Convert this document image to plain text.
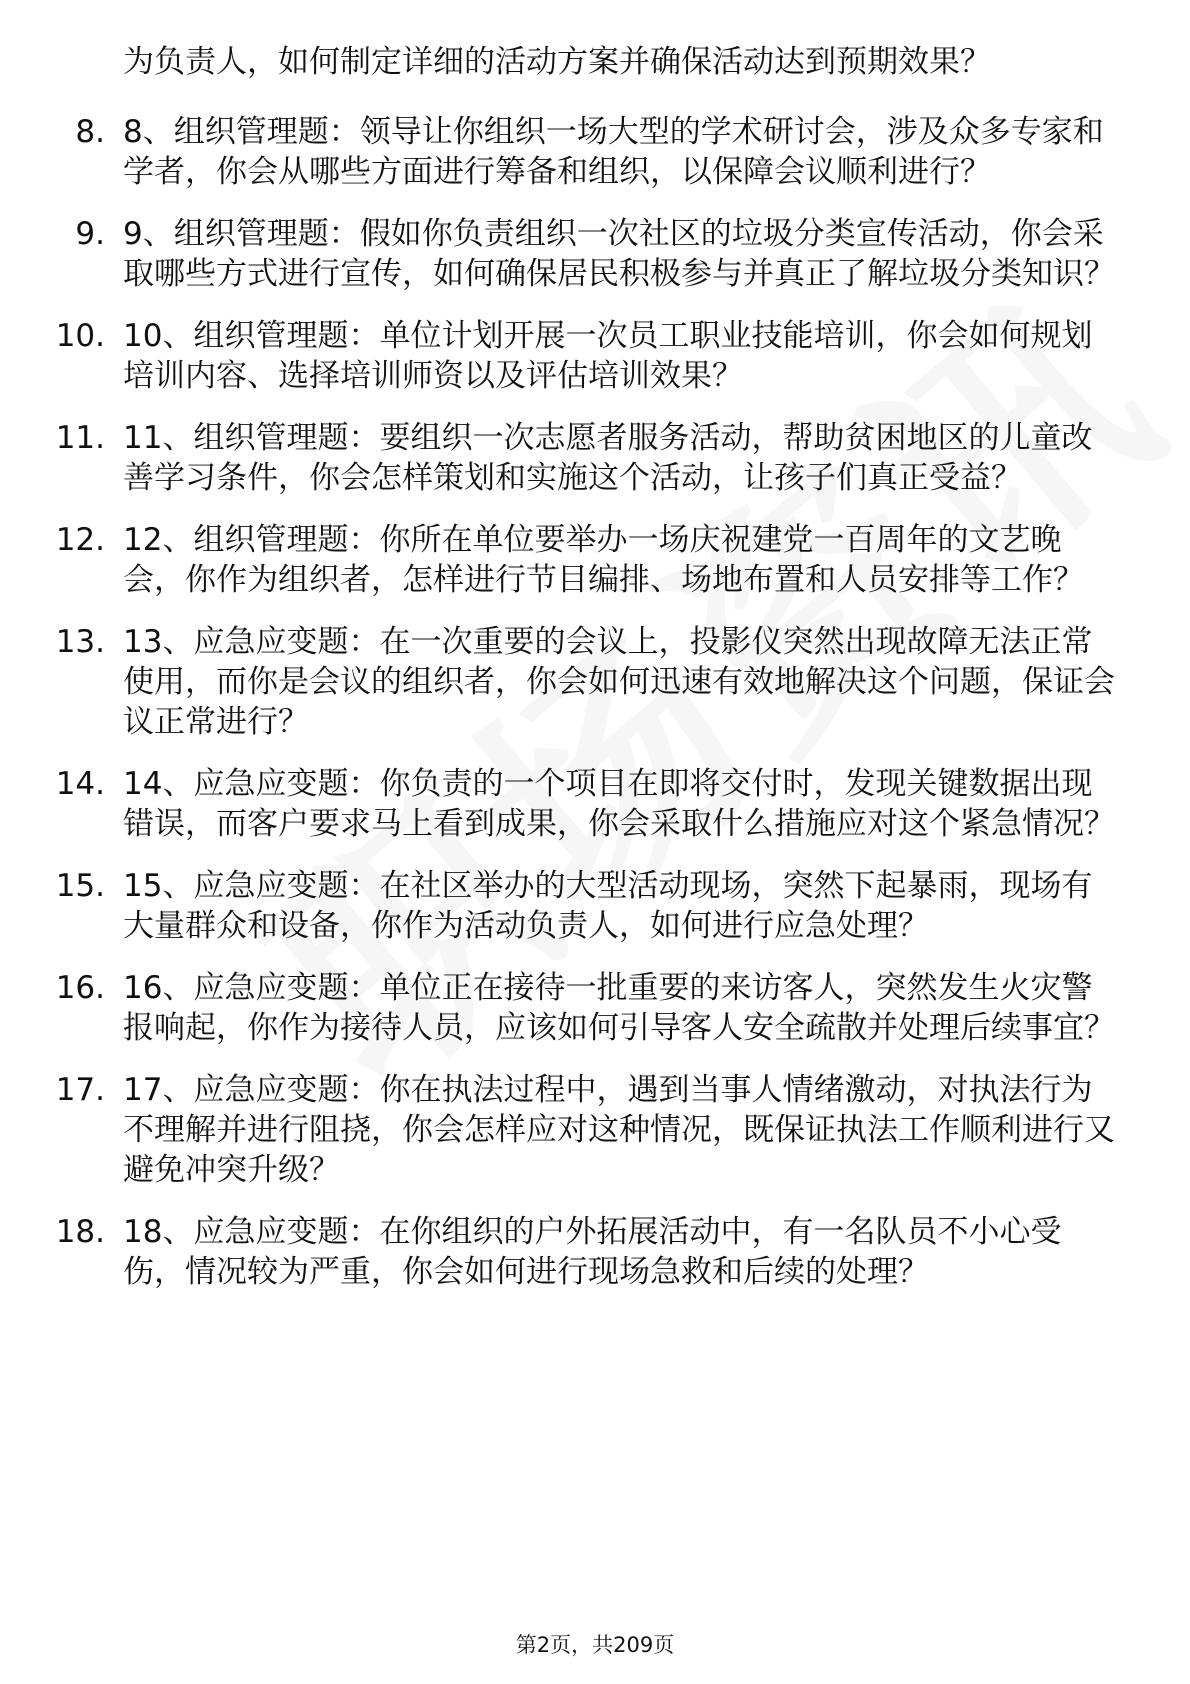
为负责人，如何制定详细的活动方案并确保活动达到预期效果？
8. 8、组织管理题：领导让你组织一场大型的学术研讨会，涉及众多专家和学者，你会从哪些方面进行筹备和组织，以保障会议顺利进行？
9. 9、组织管理题：假如你负责组织一次社区的垃圾分类宣传活动，你会采取哪些方式进行宣传，如何确保居民积极参与并真正了解垃圾分类知识？
10. 10、组织管理题：单位计划开展一次员工职业技能培训，你会如何规划培训内容、选择培训师资以及评估培训效果？
11. 11、组织管理题：要组织一次志愿者服务活动，帮助贫困地区的儿童改善学习条件，你会怎样策划和实施这个活动，让孩子们真正受益？
12. 12、组织管理题：你所在单位要举办一场庆祝建党一百周年的文艺晚会，你作为组织者，怎样进行节目编排、场地布置和人员安排等工作？
13. 13、应急应变题：在一次重要的会议上，投影仪突然出现故障无法正常使用，而你是会议的组织者，你会如何迅速有效地解决这个问题，保证会议正常进行？
14. 14、应急应变题：你负责的一个项目在即将交付时，发现关键数据出现错误，而客户要求马上看到成果，你会采取什么措施应对这个紧急情况？
15. 15、应急应变题：在社区举办的大型活动现场，突然下起暴雨，现场有大量群众和设备，你作为活动负责人，如何进行应急处理？
16. 16、应急应变题：单位正在接待一批重要的来访客人，突然发生火灾警报响起，你作为接待人员，应该如何引导客人安全疏散并处理后续事宜？
17. 17、应急应变题：你在执法过程中，遇到当事人情绪激动，对执法行为不理解并进行阻挠，你会怎样应对这种情况，既保证执法工作顺利进行又避免冲突升级？
18. 18、应急应变题：在你组织的户外拓展活动中，有一名队员不小心受伤，情况较为严重，你会如何进行现场急救和后续的处理？
第2页，共209页
